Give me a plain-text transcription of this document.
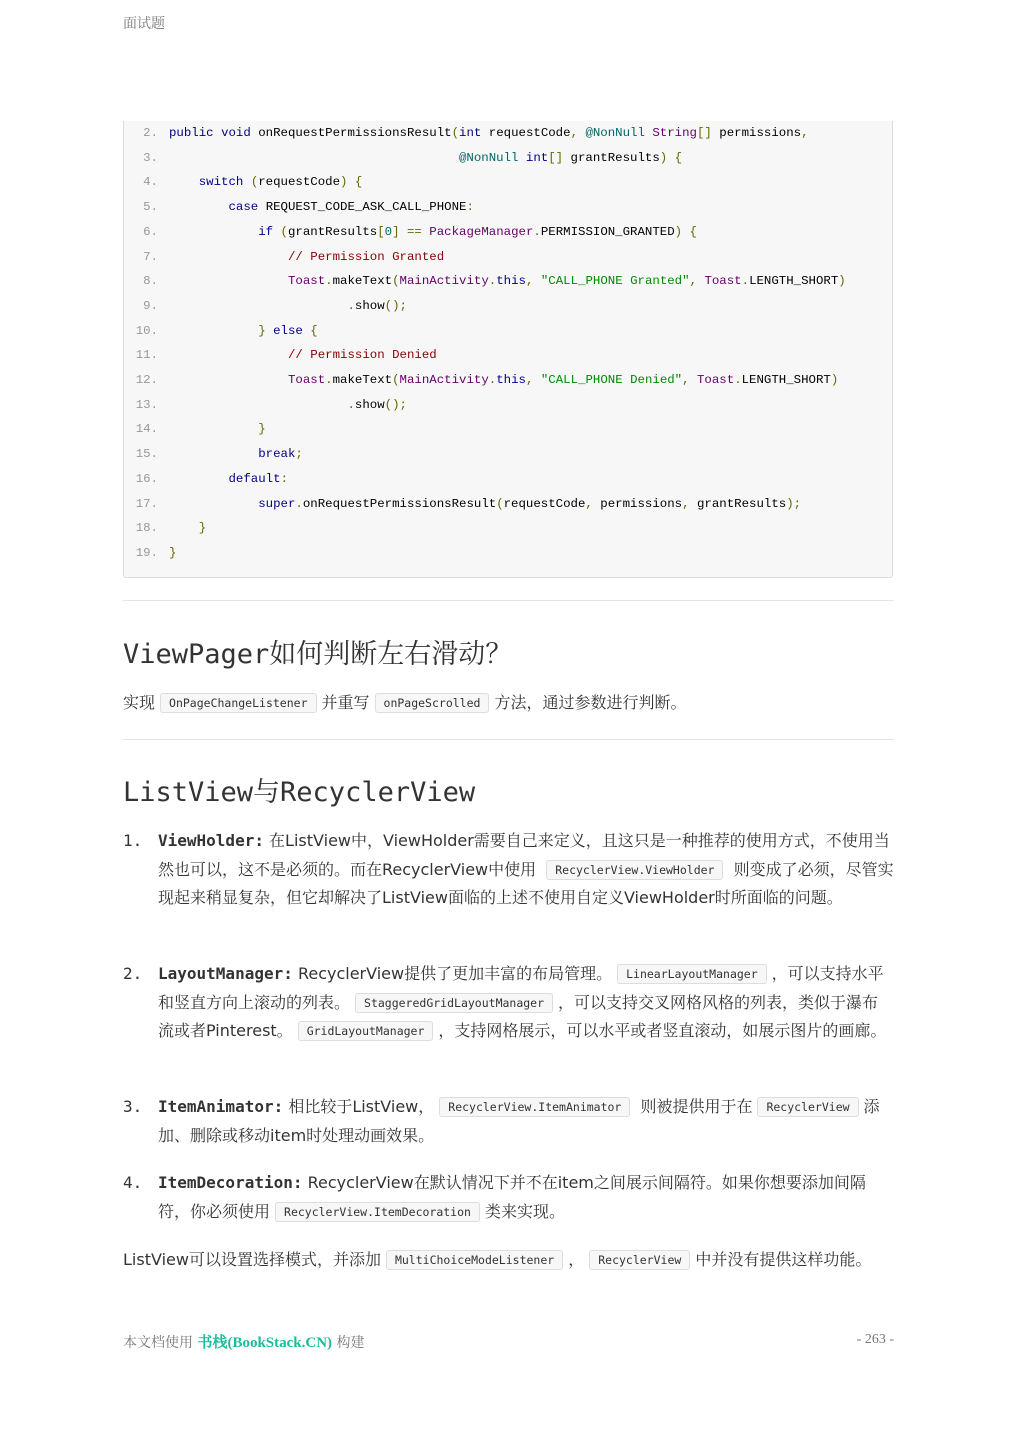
面试题
2. public void onRequestPermissionsResult(int requestCode, @NonNull String[] permissions,
3.	@NonNull int[] grantResults) {
4.	switch (requestCode) {
5.	case REQUEST_CODE_ASK_CALL_PHONE:
6.	if (grantResults[0] == PackageManager.PERMISSION_GRANTED) {
7.	// Permission Granted
8.	Toast.makeText(MainActivity.this, "CALL_PHONE Granted", Toast.LENGTH_SHORT)
9.	.show();
10.	} else {
11.	// Permission Denied
12.	Toast.makeText(MainActivity.this, "CALL_PHONE Denied", Toast.LENGTH_SHORT)
13.	.show();
14.	}
15.	break;
16.	default:
17.	super.onRequestPermissionsResult(requestCode, permissions, grantResults);
18.	}
19. }
ViewPager如何判断左右滑动？

实现 OnPageChangeListener 并重写 onPageScrolled 方法，通过参数进行判断。

ListView与RecyclerView
1. ViewHolder: 在ListView中，ViewHolder需要自己来定义，且这只是一种推荐的使用方式，不使用当然也可以，这不是必须的。而在RecyclerView中使用 RecyclerView.ViewHolder 则变成了必须，尽管实现起来稍显复杂，但它却解决了ListView面临的上述不使用自定义ViewHolder时所面临的问题。
2. LayoutManager: RecyclerView提供了更加丰富的布局管理。 LinearLayoutManager ，可以支持水平和竖直方向上滚动的列表。 StaggeredGridLayoutManager ，可以支持交叉网格风格的列表，类似于瀑布流或者Pinterest。 GridLayoutManager ，支持网格展示，可以水平或者竖直滚动，如展示图片的画廊。
3. ItemAnimator: 相比较于ListView， RecyclerView.ItemAnimator 则被提供用于在 RecyclerView 添加、删除或移动item时处理动画效果。
4. ItemDecoration: RecyclerView在默认情况下并不在item之间展示间隔符。如果你想要添加间隔符，你必须使用 RecyclerView.ItemDecoration 类来实现。

ListView可以设置选择模式，并添加 MultiChoiceModeListener ， RecyclerView 中并没有提供这样功能。

本文档使用 书栈(BookStack.CN) 构建	- 263 -
